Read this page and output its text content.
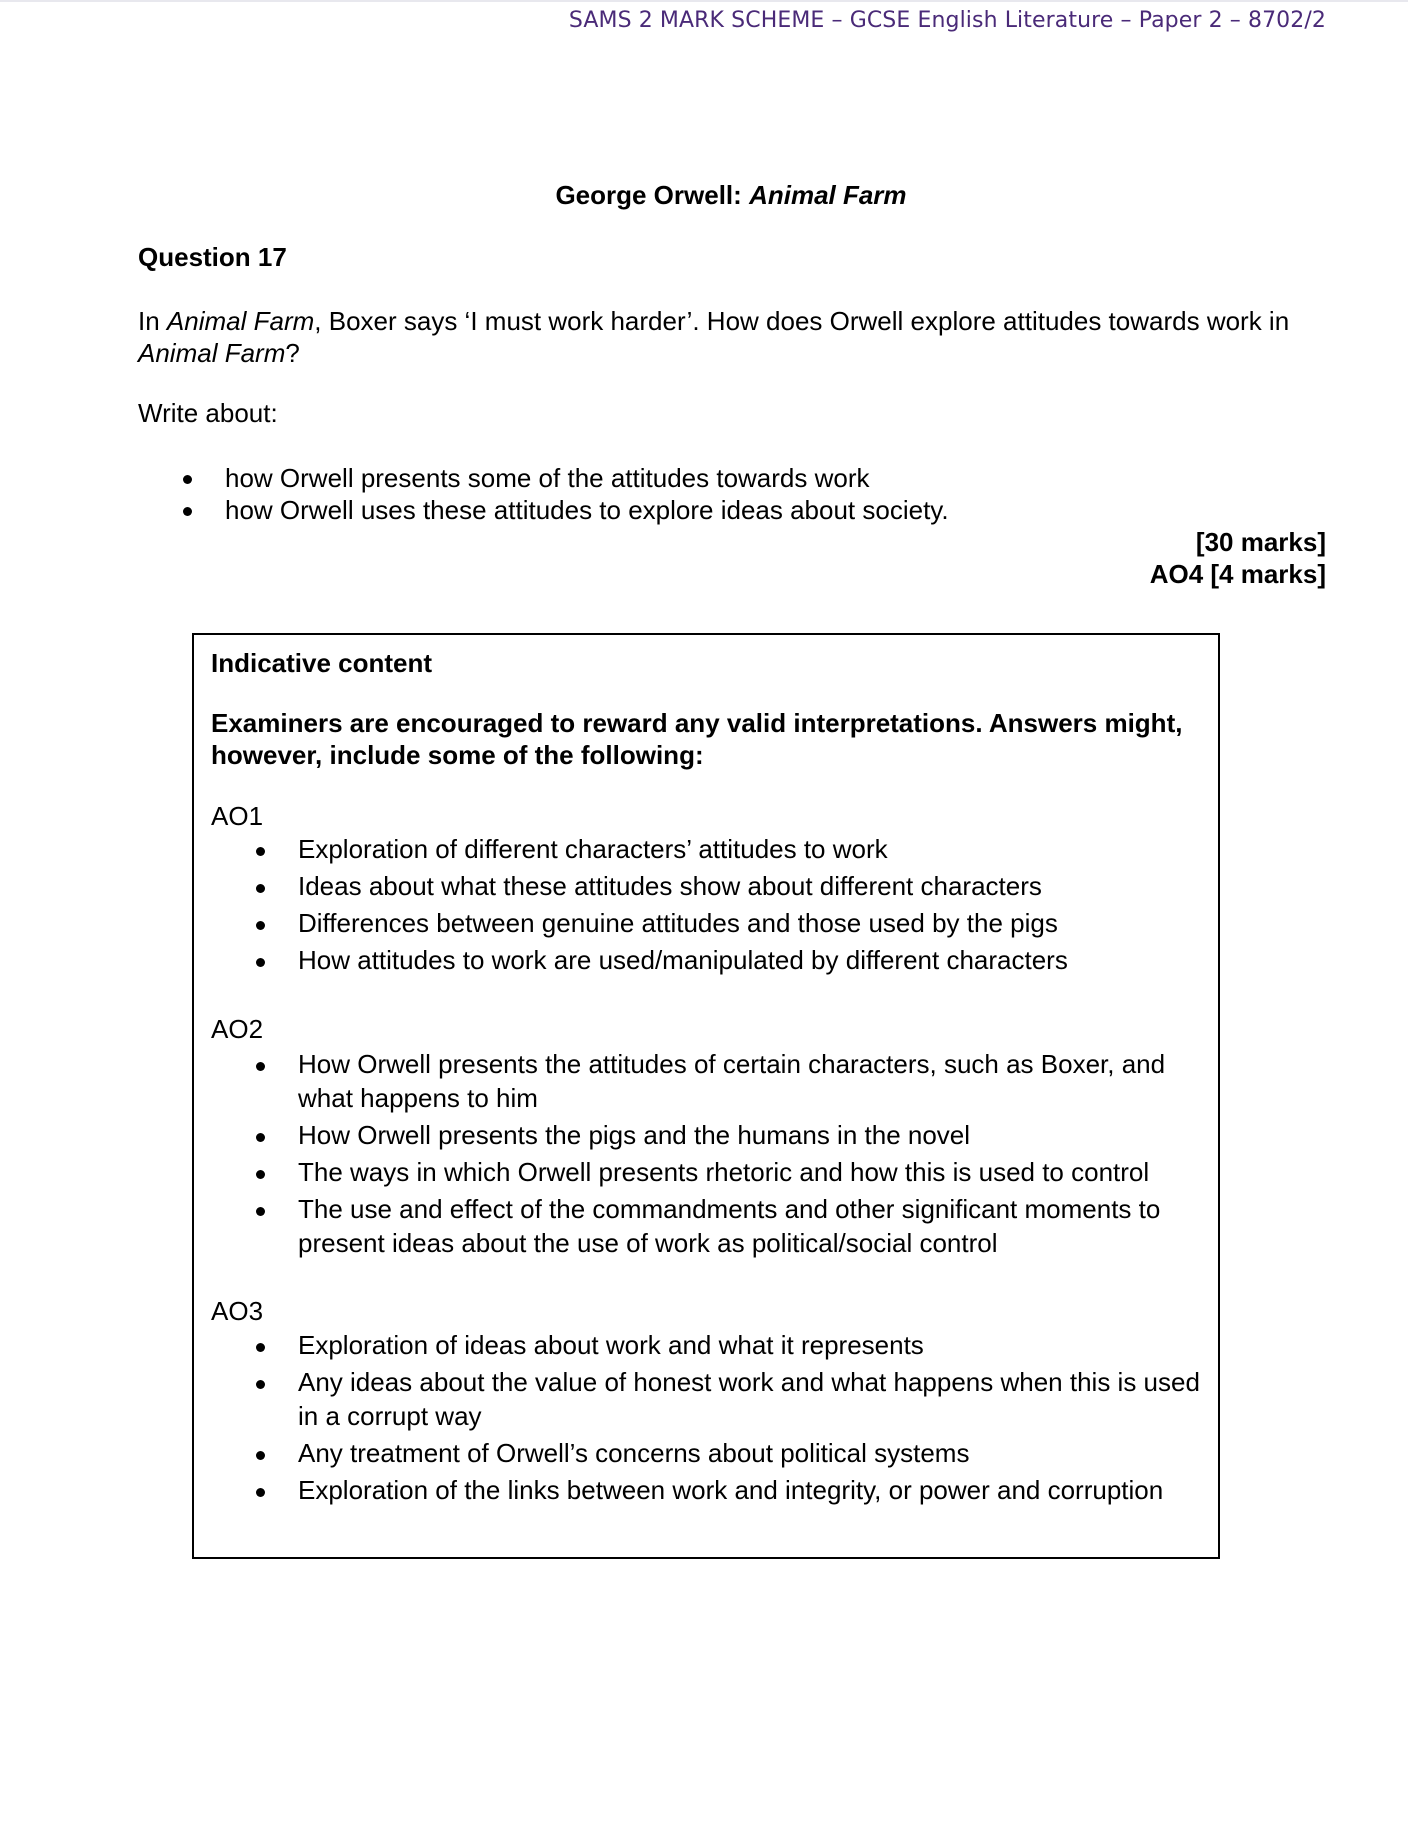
SAMS 2 MARK SCHEME – GCSE English Literature – Paper 2 – 8702/2
George Orwell: Animal Farm
Question 17
In Animal Farm, Boxer says ‘I must work harder’. How does Orwell explore attitudes towards work in Animal Farm?
Write about:
how Orwell presents some of the attitudes towards work
how Orwell uses these attitudes to explore ideas about society.
[30 marks]
AO4 [4 marks]
Indicative content
Examiners are encouraged to reward any valid interpretations. Answers might, however, include some of the following:
AO1
Exploration of different characters’ attitudes to work
Ideas about what these attitudes show about different characters
Differences between genuine attitudes and those used by the pigs
How attitudes to work are used/manipulated by different characters
AO2
How Orwell presents the attitudes of certain characters, such as Boxer, and what happens to him
How Orwell presents the pigs and the humans in the novel
The ways in which Orwell presents rhetoric and how this is used to control
The use and effect of the commandments and other significant moments to present ideas about the use of work as political/social control
AO3
Exploration of ideas about work and what it represents
Any ideas about the value of honest work and what happens when this is used in a corrupt way
Any treatment of Orwell’s concerns about political systems
Exploration of the links between work and integrity, or power and corruption
